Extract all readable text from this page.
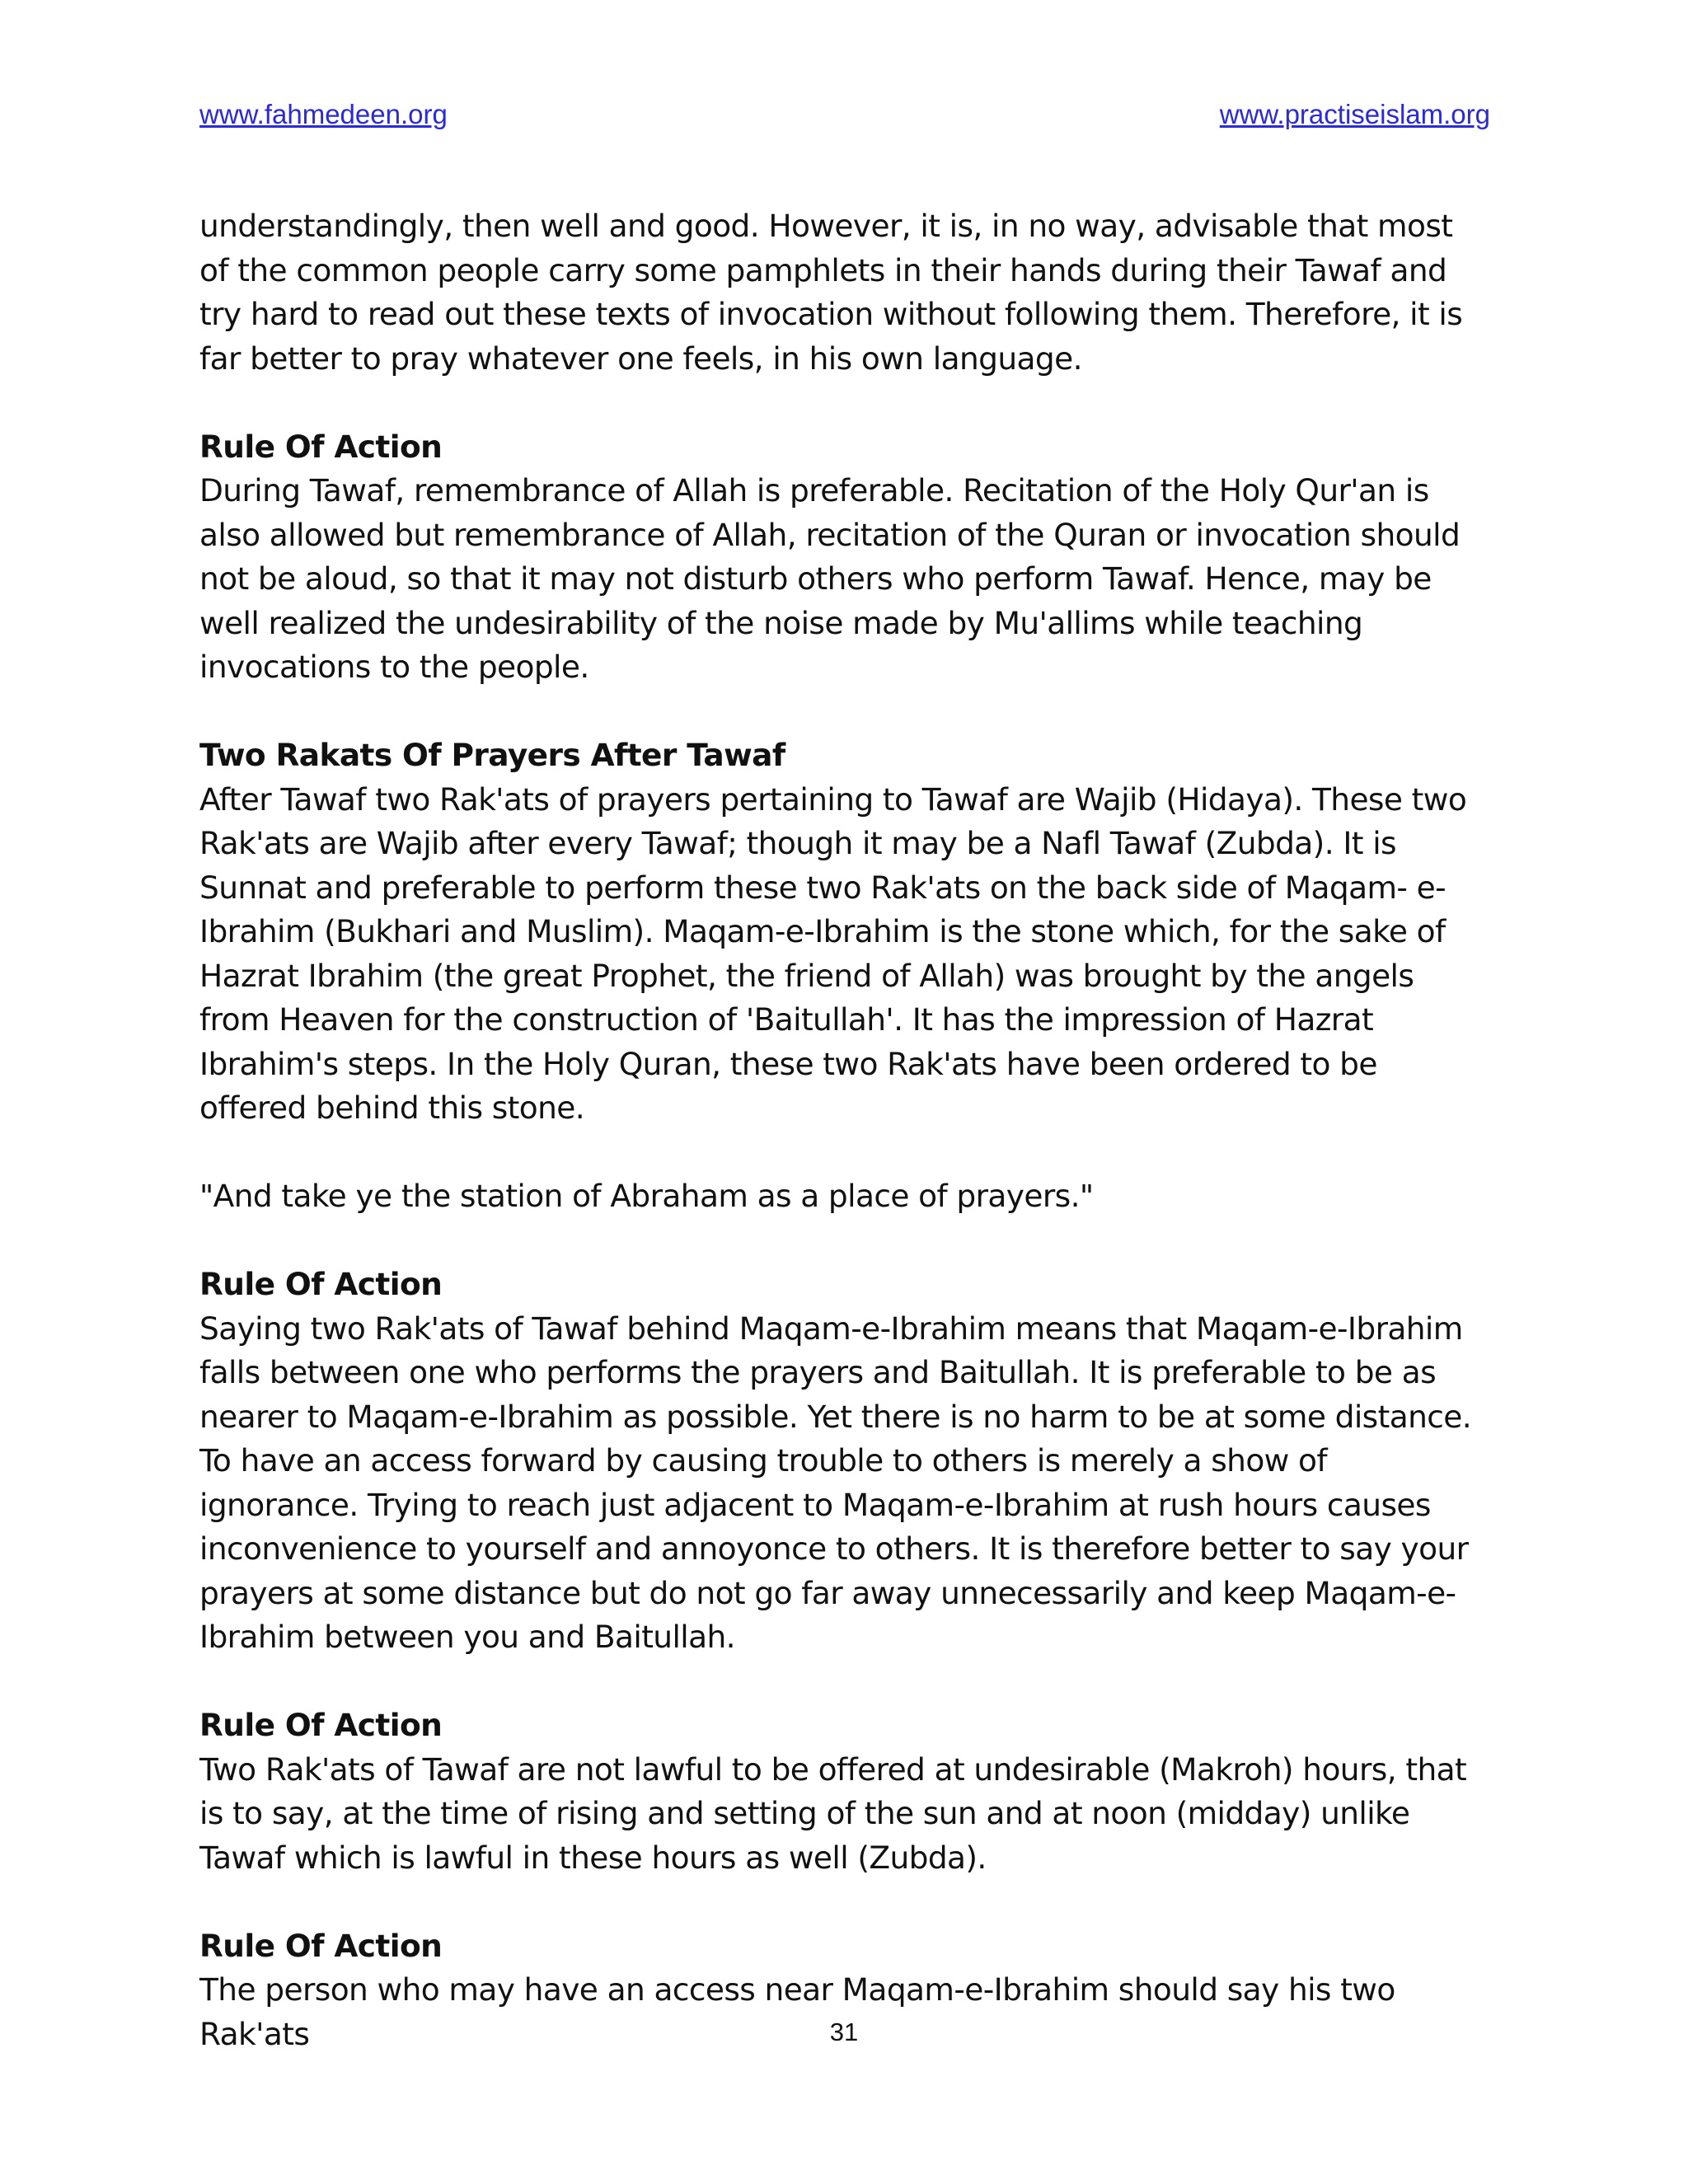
www.fahmedeen.org	www.practiseislam.org

understandingly, then well and good. However, it is, in no way, advisable that most of the common people carry some pamphlets in their hands during their Tawaf and try hard to read out these texts of invocation without following them. Therefore, it is far better to pray whatever one feels, in his own language.

Rule Of Action

During Tawaf, remembrance of Allah is preferable. Recitation of the Holy Qur'an is also allowed but remembrance of Allah, recitation of the Quran or invocation should not be aloud, so that it may not disturb others who perform Tawaf. Hence, may be well realized the undesirability of the noise made by Mu'allims while teaching invocations to the people.

Two Rakats Of Prayers After Tawaf

After Tawaf two Rak'ats of prayers pertaining to Tawaf are Wajib (Hidaya). These two Rak'ats are Wajib after every Tawaf; though it may be a Nafl Tawaf (Zubda). It is Sunnat and preferable to perform these two Rak'ats on the back side of Maqam- e-Ibrahim (Bukhari and Muslim). Maqam-e-Ibrahim is the stone which, for the sake of Hazrat Ibrahim (the great Prophet, the friend of Allah) was brought by the angels from Heaven for the construction of 'Baitullah'. It has the impression of Hazrat Ibrahim's steps. In the Holy Quran, these two Rak'ats have been ordered to be offered behind this stone.

"And take ye the station of Abraham as a place of prayers."

Rule Of Action

Saying two Rak'ats of Tawaf behind Maqam-e-Ibrahim means that Maqam-e-Ibrahim falls between one who performs the prayers and Baitullah. It is preferable to be as nearer to Maqam-e-Ibrahim as possible. Yet there is no harm to be at some distance. To have an access forward by causing trouble to others is merely a show of ignorance. Trying to reach just adjacent to Maqam-e-Ibrahim at rush hours causes inconvenience to yourself and annoyonce to others. It is therefore better to say your prayers at some distance but do not go far away unnecessarily and keep Maqam-e-Ibrahim between you and Baitullah.

Rule Of Action

Two Rak'ats of Tawaf are not lawful to be offered at undesirable (Makroh) hours, that is to say, at the time of rising and setting of the sun and at noon (midday) unlike Tawaf which is lawful in these hours as well (Zubda).

Rule Of Action

The person who may have an access near Maqam-e-Ibrahim should say his two Rak'ats	31
